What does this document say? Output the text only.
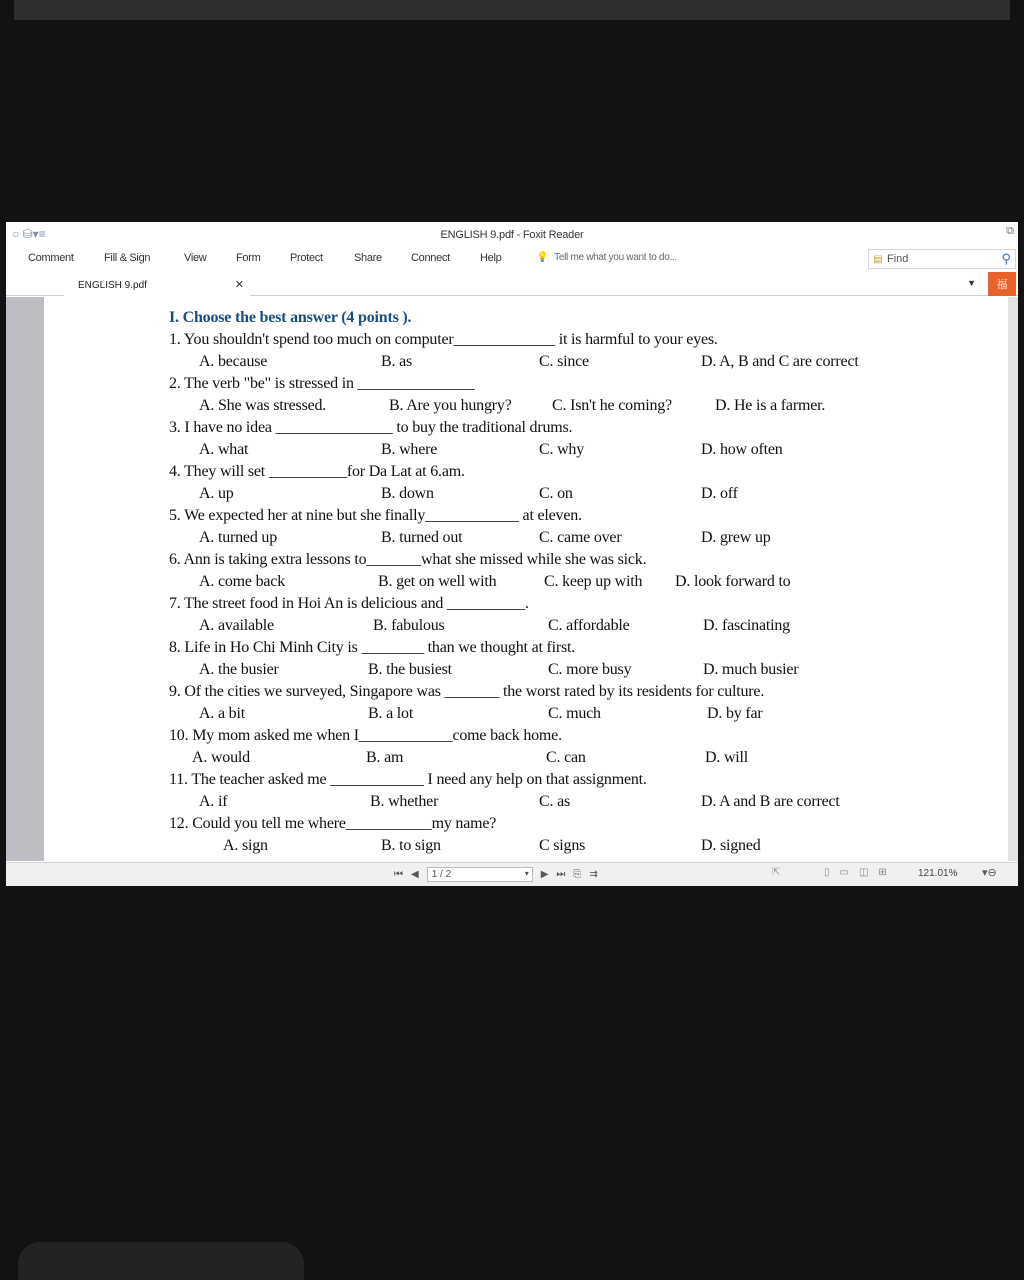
○ ⛁▾≡	ENGLISH 9.pdf - Foxit Reader	⧉
Comment	Fill & Sign	View	Form	Protect	Share	Connect	Help	💡 Tell me what you want to do...	▤ Find	⚲
ENGLISH 9.pdf	✕	▼	福
I. Choose the best answer (4 points ).
1. You shouldn't spend too much on computer_____________ it is harmful to your eyes.
A. because	B. as	C. since	D. A, B and C are correct
2. The verb "be" is stressed in _______________
A. She was stressed.	B. Are you hungry?	C. Isn't he coming?	D. He is a farmer.
3. I have no idea _______________ to buy the traditional drums.
A. what	B. where	C. why	D. how often
4. They will set __________for Da Lat at 6.am.
A. up	B. down	C. on	D. off
5. We expected her at nine but she finally____________ at eleven.
A. turned up	B. turned out	C. came over	D. grew up
6. Ann is taking extra lessons to_______what she missed while she was sick.
A. come back	B. get on well with	C. keep up with D. look forward to
7. The street food in Hoi An is delicious and __________.
A. available	B. fabulous	C. affordable	D. fascinating
8. Life in Ho Chi Minh City is ________ than we thought at first.
A. the busier	B. the busiest	C. more busy	D. much busier
9. Of the cities we surveyed, Singapore was _______ the worst rated by its residents for culture.
A. a bit	B. a lot	C. much	D. by far
10. My mom asked me when I____________come back home.
A. would	B. am	C. can	D. will
11. The teacher asked me ____________ I need any help on that assignment.
A. if	B. whether	C. as	D. A and B are correct
12. Could you tell me where___________my name?
A. sign	B. to sign	C signs	D. signed
⏮ ◀	1 / 2	▾ ▶ ⏭ ⎘ ⇉	⇱	▯ ▭ ◫ ⊞	121.01% ▾⊖
